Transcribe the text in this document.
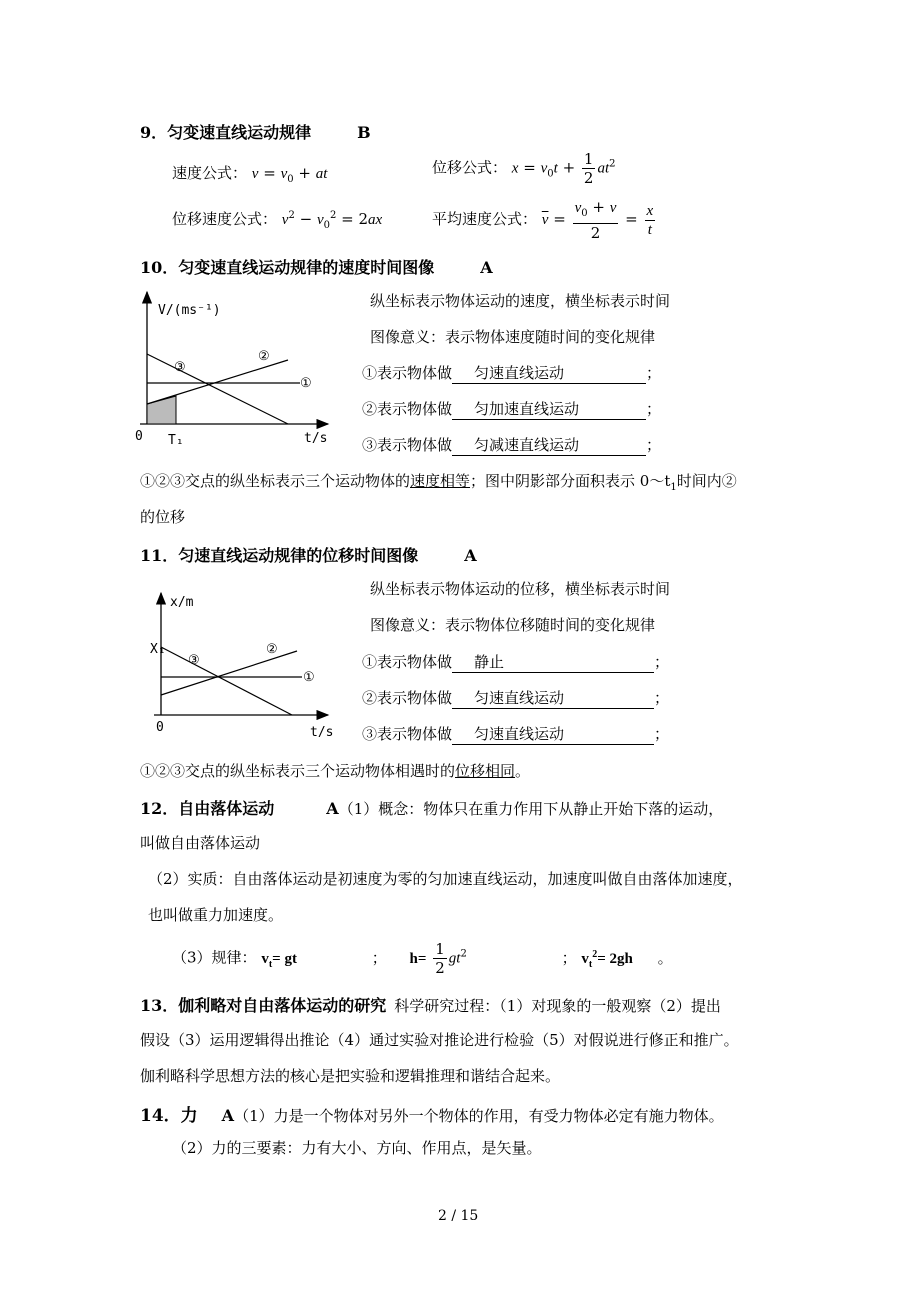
9．匀变速直线运动规律	B
速度公式： $v = v_0$ + at	位移公式： $x = v_0t + \frac{1}{2} at^2$
位移速度公式： $v^2 - v_0^2 = 2ax$	平均速度公式： $\overline{v} = \frac{v_0 + v}{2} = \frac{x}{t}$
10．匀变速直线运动规律的速度时间图像	A
V/(ms⁻¹)
t/s
0 T₁
③
②
①
纵坐标表示物体运动的速度，横坐标表示时间
图像意义：表示物体速度随时间的变化规律
①表示物体做 匀速直线运动	；
②表示物体做 匀加速直线运动	；
③表示物体做 匀减速直线运动	；
①②③交点的纵坐标表示三个运动物体的速度相等；图中阴影部分面积表示 $0\sim t_1$时间内②
的位移
11．匀速直线运动规律的位移时间图像	A
x/m
t/s
0
X₁
③
②
①
纵坐标表示物体运动的位移，横坐标表示时间
图像意义：表示物体位移随时间的变化规律
①表示物体做 静止	；
②表示物体做 匀速直线运动	；
③表示物体做 匀速直线运动	；
①②③交点的纵坐标表示三个运动物体相遇时的位移相同。
12．自由落体运动	A（1）概念：物体只在重力作用下从静止开始下落的运动，
叫做自由落体运动
（2）实质：自由落体运动是初速度为零的匀加速直线运动，加速度叫做自由落体加速度，
也叫做重力加速度。
（3）规律： $v_t=$ gt	； $h= \frac{1}{2} gt^2$	； $v_t^2= 2gh$ 。
13．伽利略对自由落体运动的研究 科学研究过程：（1）对现象的一般观察（2）提出
假设（3）运用逻辑得出推论（4）通过实验对推论进行检验（5）对假说进行修正和推广。
伽利略科学思想方法的核心是把实验和逻辑推理和谐结合起来。
14．力 A（1）力是一个物体对另外一个物体的作用，有受力物体必定有施力物体。
（2）力的三要素：力有大小、方向、作用点，是矢量。
2 / 15
